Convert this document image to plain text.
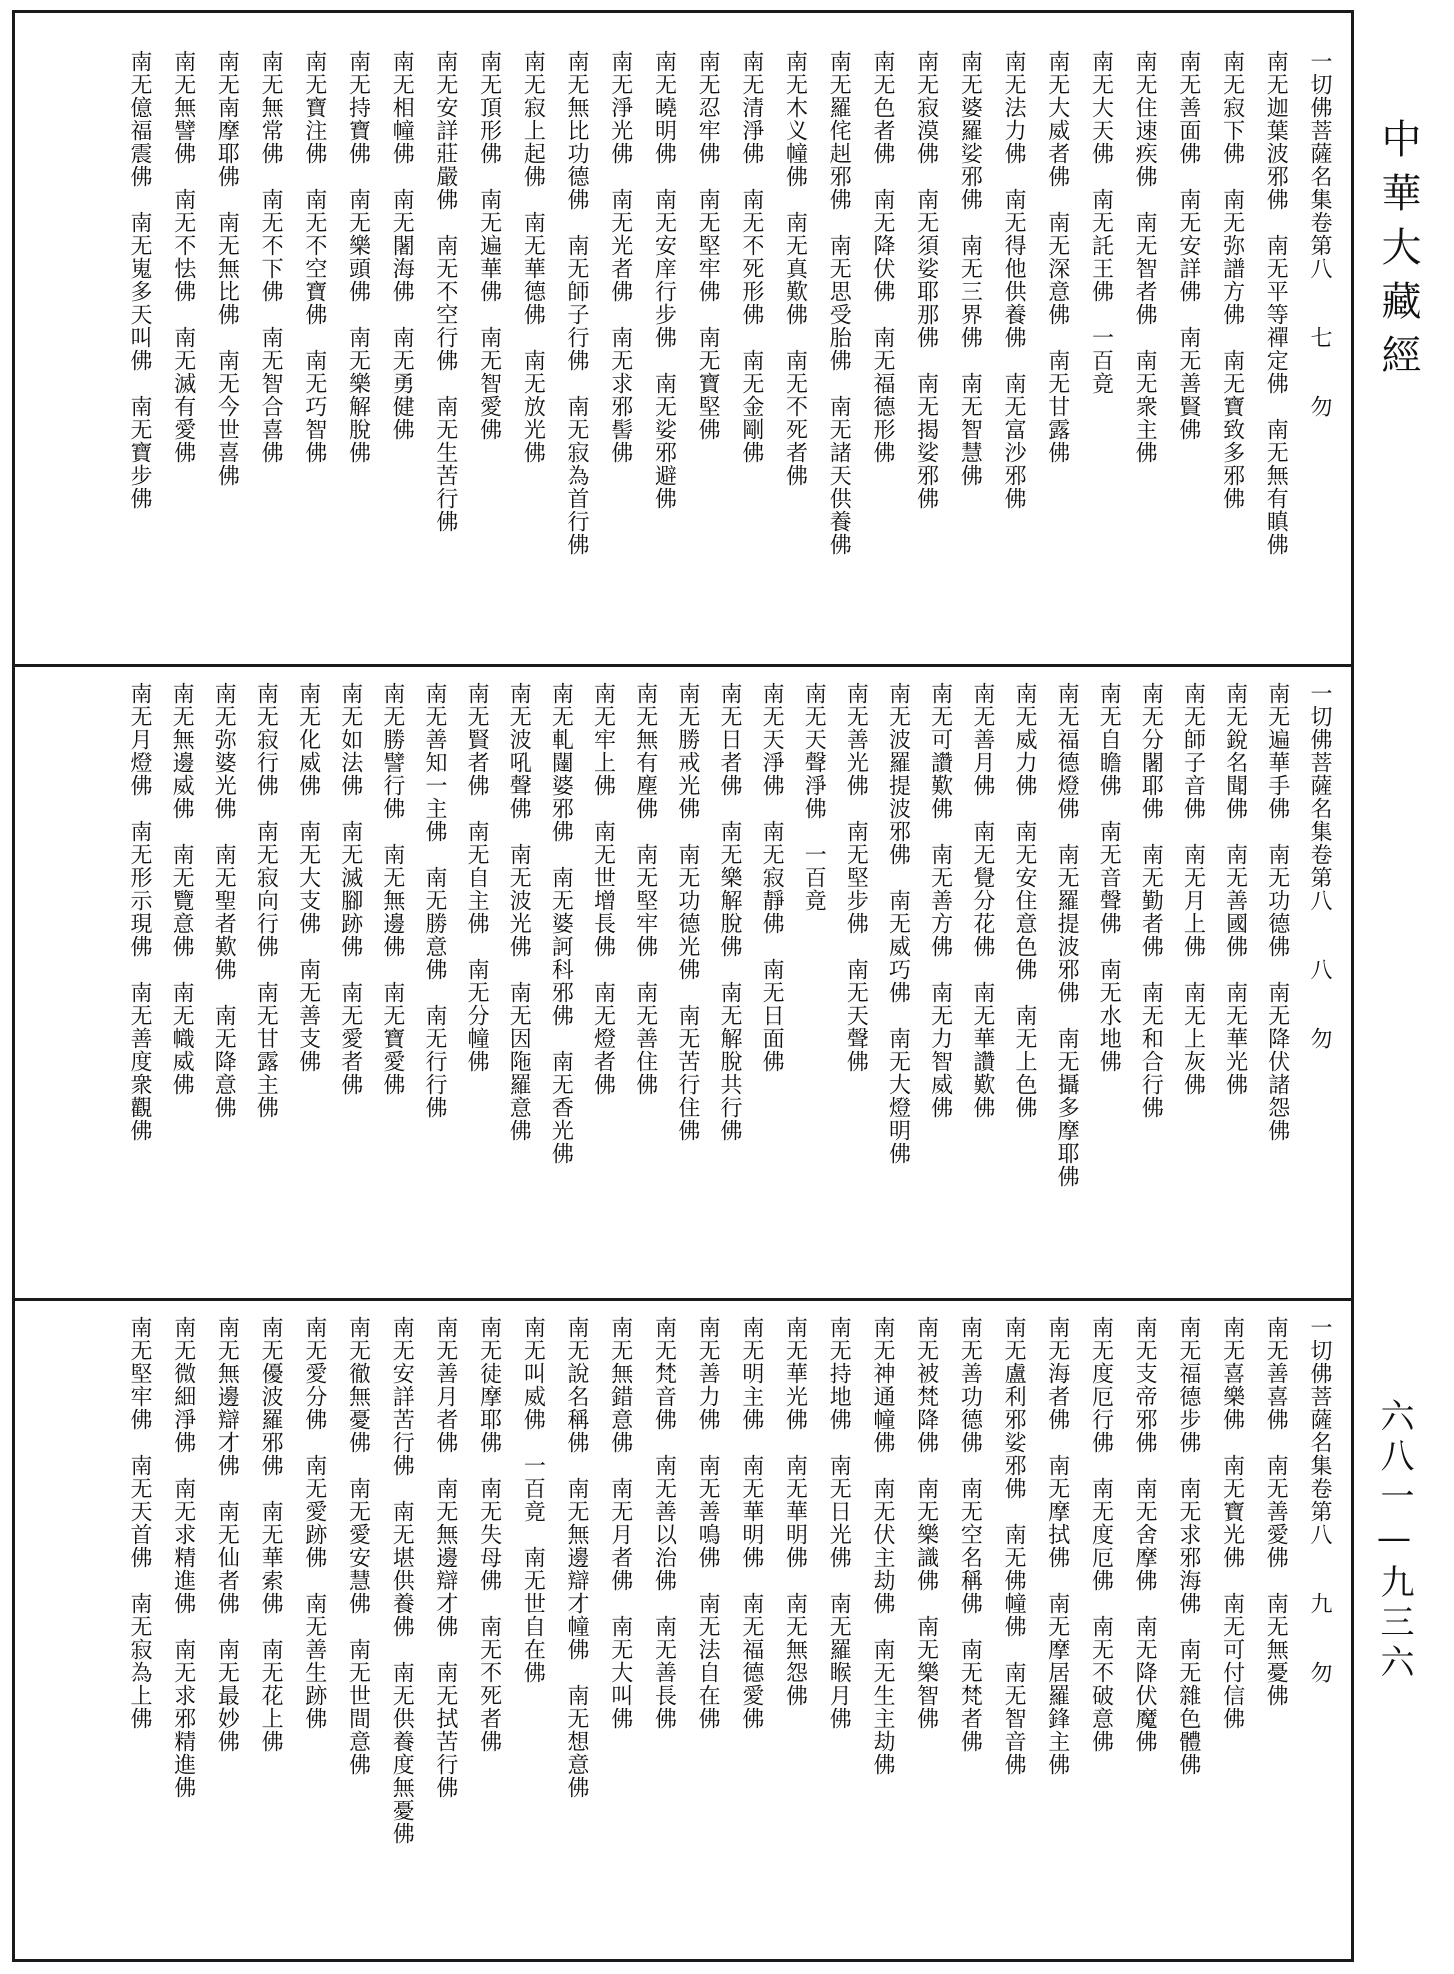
一切佛菩薩名集卷第八　　七　　勿
南无迦葉波邪佛　南无平等禪定佛　南无無有瞋佛
南无寂下佛　南无弥譜方佛　南无寶致多邪佛
南无善面佛　南无安詳佛　南无善賢佛
南无住速疾佛　南无智者佛　南无衆主佛
南无大天佛　南无託王佛　一百竟
南无大威者佛　南无深意佛　南无甘露佛
南无法力佛　南无得他供養佛　南无富沙邪佛
南无婆羅娑邪佛　南无三界佛　南无智慧佛
南无寂漠佛　南无須娑耶那佛　南无揭娑邪佛
南无色者佛　南无降伏佛　南无福德形佛
南无羅侘赳邪佛　南无思受胎佛　南无諸天供養佛
南无木义幢佛　南无真歎佛　南无不死者佛
南无清淨佛　南无不死形佛　南无金剛佛
南无忍牢佛　南无堅牢佛　南无寶堅佛
南无曉明佛　南无安庠行步佛　南无娑邪避佛
南无淨光佛　南无光者佛　南无求邪髻佛
南无無比功德佛　南无師子行佛　南无寂為首行佛
南无寂上起佛　南无華德佛　南无放光佛
南无頂形佛　南无遍華佛　南无智愛佛
南无安詳莊嚴佛　南无不空行佛　南无生苦行佛
南无相幢佛　南无闍海佛　南无勇健佛
南无持寶佛　南无樂頭佛　南无樂解脫佛
南无寶注佛　南无不空寶佛　南无巧智佛
南无無常佛　南无不下佛　南无智合喜佛
南无南摩耶佛　南无無比佛　南无今世喜佛
南无無譬佛　南无不怯佛　南无滅有愛佛
南无億福震佛　南无嵬多天叫佛　南无寶步佛
一切佛菩薩名集卷第八　　八　　勿
南无遍華手佛　南无功德佛　南无降伏諸怨佛
南无銳名聞佛　南无善國佛　南无華光佛
南无師子音佛　南无月上佛　南无上灰佛
南无分闍耶佛　南无勤者佛　南无和合行佛
南无自瞻佛　南无音聲佛　南无水地佛
南无福德燈佛　南无羅提波邪佛　南无攝多摩耶佛
南无威力佛　南无安住意色佛　南无上色佛
南无善月佛　南无覺分花佛　南无華讚歎佛
南无可讚歎佛　南无善方佛　南无力智威佛
南无波羅提波邪佛　南无威巧佛　南无大燈明佛
南无善光佛　南无堅步佛　南无天聲佛
南无天聲淨佛　一百竟
南无天淨佛　南无寂靜佛　南无日面佛
南无日者佛　南无樂解脫佛　南无解脫共行佛
南无勝戒光佛　南无功德光佛　南无苦行住佛
南无無有塵佛　南无堅牢佛　南无善住佛
南无牢上佛　南无世增長佛　南无燈者佛
南无軋闥婆邪佛　南无婆訶科邪佛　南无香光佛
南无波吼聲佛　南无波光佛　南无因陁羅意佛
南无賢者佛　南无自主佛　南无分幢佛
南无善知一主佛　南无勝意佛　南无行行佛
南无勝譬行佛　南无無邊佛　南无寶愛佛
南无如法佛　南无滅腳跡佛　南无愛者佛
南无化威佛　南无大支佛　南无善支佛
南无寂行佛　南无寂向行佛　南无甘露主佛
南无弥婆光佛　南无聖者歎佛　南无降意佛
南无無邊威佛　南无覽意佛　南无幟威佛
南无月燈佛　南无形示現佛　南无善度衆觀佛
一切佛菩薩名集卷第八　　九　　勿
南无善喜佛　南无善愛佛　南无無憂佛
南无喜樂佛　南无寶光佛　南无可付信佛
南无福德步佛　南无求邪海佛　南无雜色體佛
南无支帝邪佛　南无舍摩佛　南无降伏魔佛
南无度厄行佛　南无度厄佛　南无不破意佛
南无海者佛　南无摩拭佛　南无摩居羅鋒主佛
南无盧利邪娑邪佛　南无佛幢佛　南无智音佛
南无善功德佛　南无空名稱佛　南无梵者佛
南无被梵降佛　南无樂識佛　南无樂智佛
南无神通幢佛　南无伏主劫佛　南无生主劫佛
南无持地佛　南无日光佛　南无羅睺月佛
南无華光佛　南无華明佛　南无無怨佛
南无明主佛　南无華明佛　南无福德愛佛
南无善力佛　南无善鳴佛　南无法自在佛
南无梵音佛　南无善以治佛　南无善長佛
南无無錯意佛　南无月者佛　南无大叫佛
南无說名稱佛　南无無邊辯才幢佛　南无想意佛
南无叫威佛　一百竟　南无世自在佛
南无徒摩耶佛　南无失母佛　南无不死者佛
南无善月者佛　南无無邊辯才佛　南无拭苦行佛
南无安詳苦行佛　南无堪供養佛　南无供養度無憂佛
南无徹無憂佛　南无愛安慧佛　南无世間意佛
南无愛分佛　南无愛跡佛　南无善生跡佛
南无優波羅邪佛　南无華索佛　南无花上佛
南无無邊辯才佛　南无仙者佛　南无最妙佛
南无微細淨佛　南无求精進佛　南无求邪精進佛
南无堅牢佛　南无天首佛　南无寂為上佛
中華大藏經
六八一—九三六
